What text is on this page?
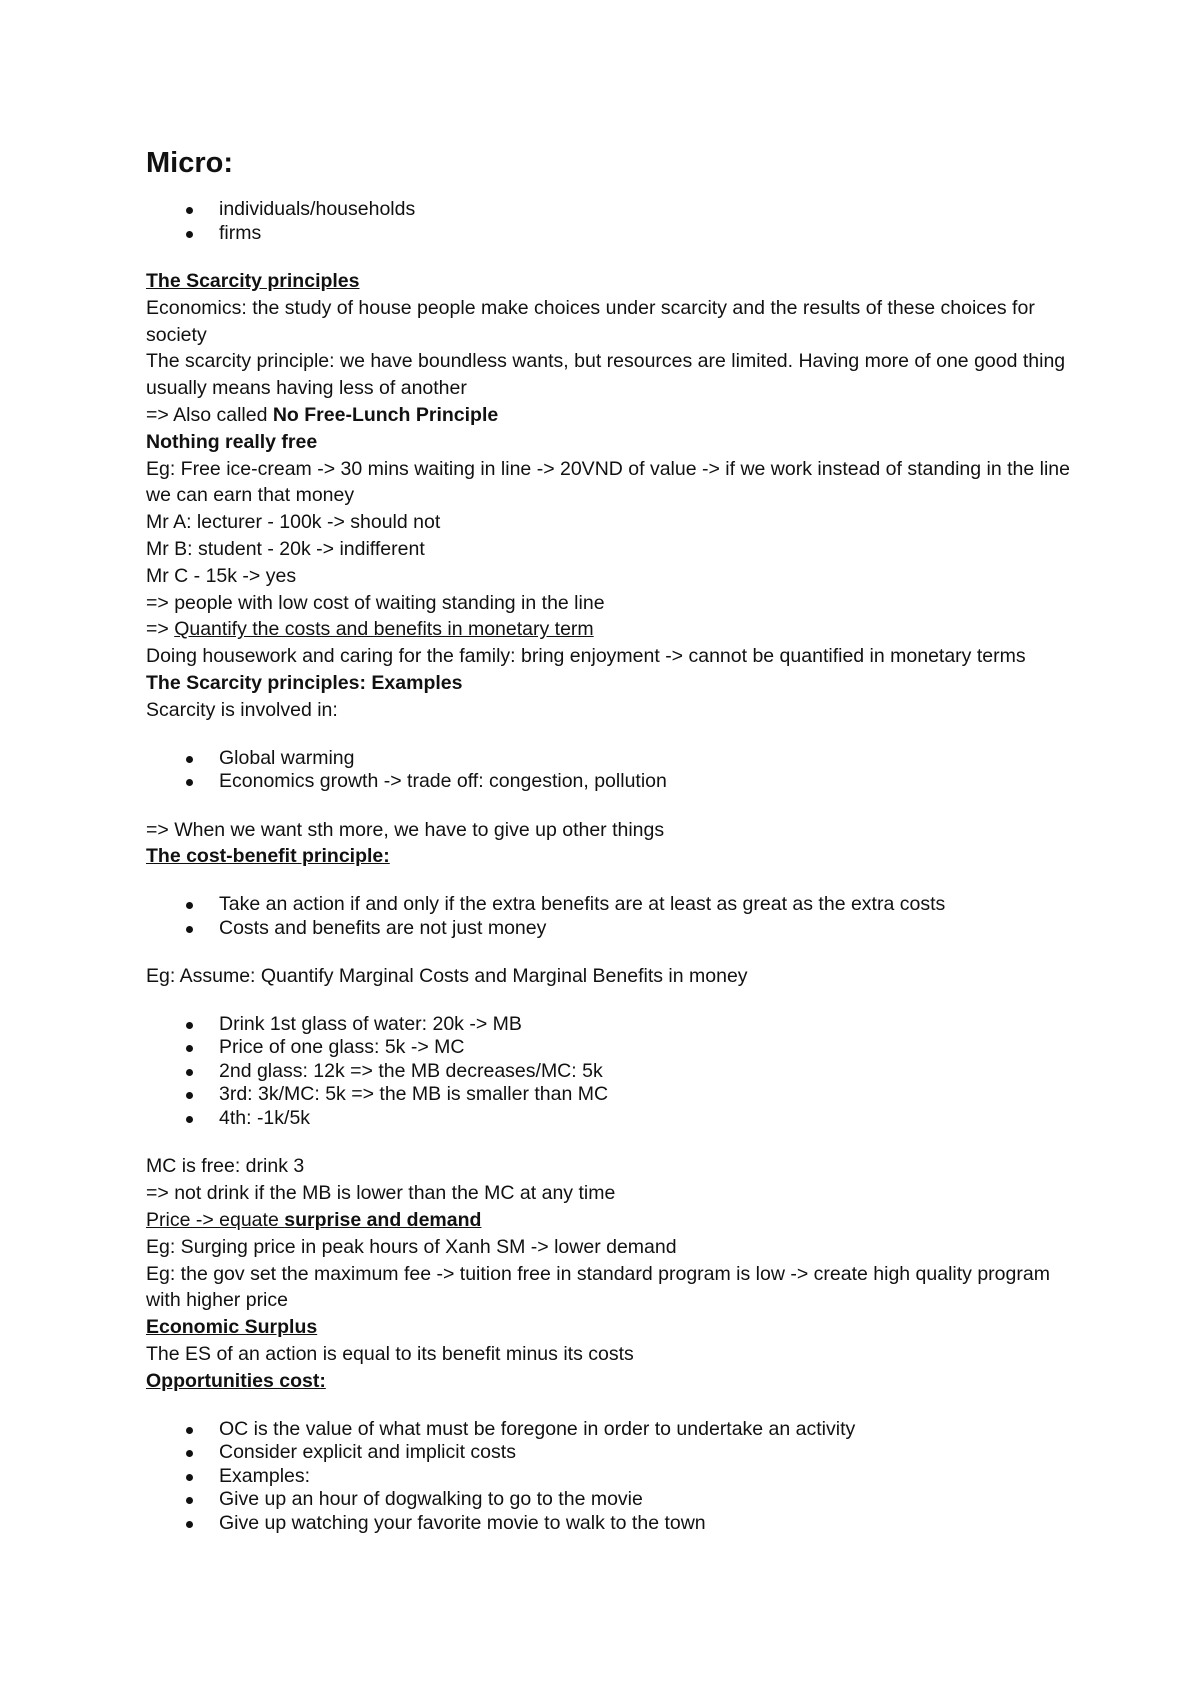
Micro:
individuals/households
firms

The Scarcity principles

Economics: the study of house people make choices under scarcity and the results of these choices for society

The scarcity principle: we have boundless wants, but resources are limited. Having more of one good thing usually means having less of another

=> Also called No Free-Lunch Principle

Nothing really free

Eg: Free ice-cream -> 30 mins waiting in line -> 20VND of value -> if we work instead of standing in the line we can earn that money

Mr A: lecturer - 100k -> should not

Mr B: student - 20k -> indifferent

Mr C - 15k -> yes

=> people with low cost of waiting standing in the line

=> Quantify the costs and benefits in monetary term

Doing housework and caring for the family: bring enjoyment -> cannot be quantified in monetary terms

The Scarcity principles: Examples

Scarcity is involved in:

Global warming
Economics growth -> trade off: congestion, pollution

=> When we want sth more, we have to give up other things

The cost-benefit principle:

Take an action if and only if the extra benefits are at least as great as the extra costs
Costs and benefits are not just money

Eg: Assume: Quantify Marginal Costs and Marginal Benefits in money

Drink 1st glass of water: 20k -> MB
Price of one glass: 5k -> MC
2nd glass: 12k => the MB decreases/MC: 5k
3rd: 3k/MC: 5k => the MB is smaller than MC
4th: -1k/5k

MC is free: drink 3

=> not drink if the MB is lower than the MC at any time

Price -> equate surprise and demand

Eg: Surging price in peak hours of Xanh SM -> lower demand

Eg: the gov set the maximum fee -> tuition free in standard program is low -> create high quality program with higher price

Economic Surplus

The ES of an action is equal to its benefit minus its costs

Opportunities cost:

OC is the value of what must be foregone in order to undertake an activity
Consider explicit and implicit costs
Examples:
Give up an hour of dogwalking to go to the movie
Give up watching your favorite movie to walk to the town
